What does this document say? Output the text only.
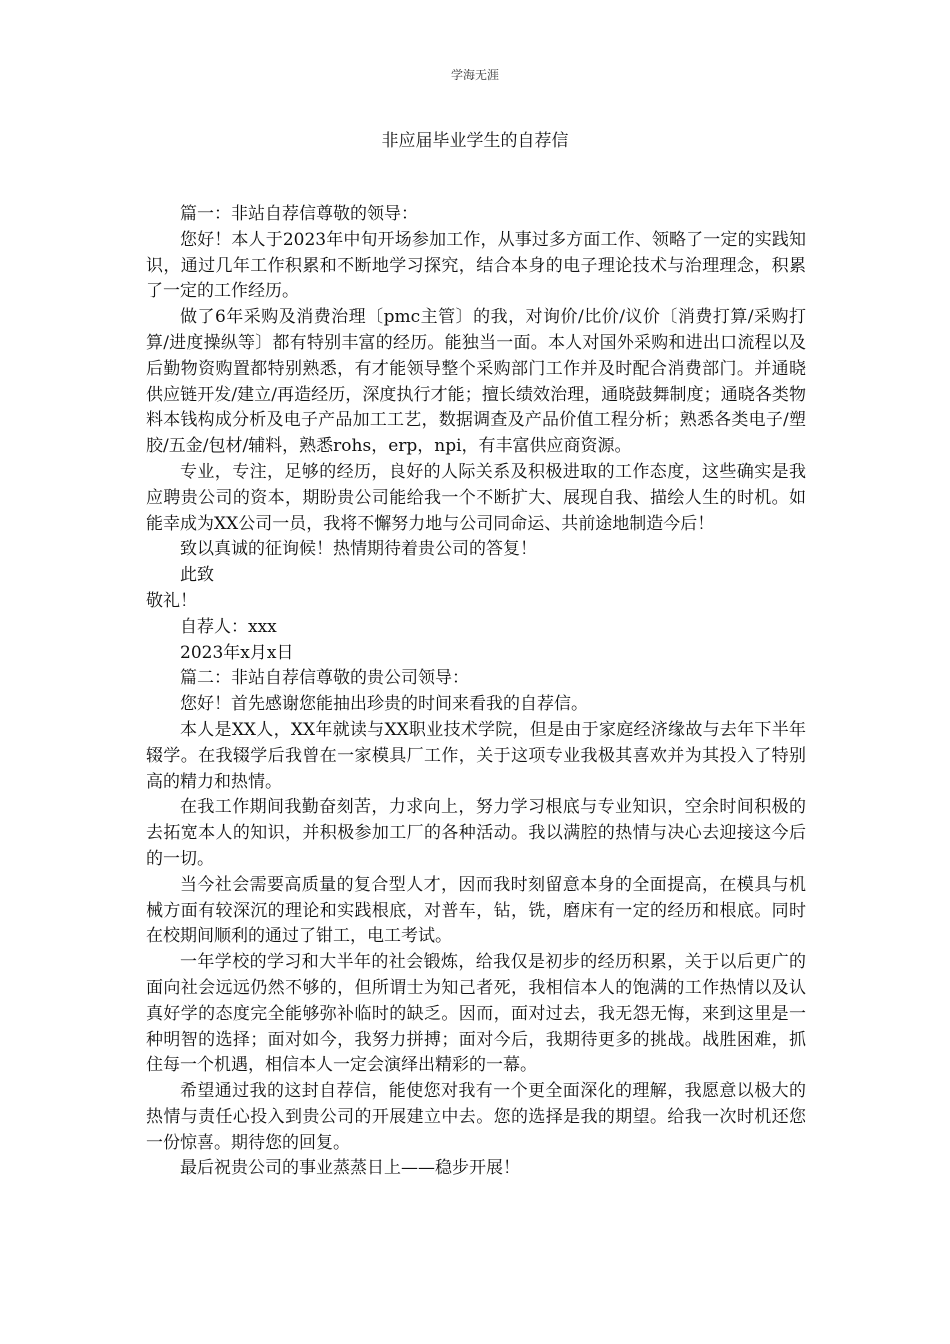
学海无涯
非应届毕业学生的自荐信

篇一：非站自荐信尊敬的领导：

您好！本人于2023年中旬开场参加工作，从事过多方面工作、领略了一定的实践知识，通过几年工作积累和不断地学习探究，结合本身的电子理论技术与治理理念，积累了一定的工作经历。

做了6年采购及消费治理〔pmc主管〕的我，对询价/比价/议价〔消费打算/采购打算/进度操纵等〕都有特别丰富的经历。能独当一面。本人对国外采购和进出口流程以及后勤物资购置都特别熟悉，有才能领导整个采购部门工作并及时配合消费部门。并通晓供应链开发/建立/再造经历，深度执行才能；擅长绩效治理，通晓鼓舞制度；通晓各类物料本钱构成分析及电子产品加工工艺，数据调查及产品价值工程分析；熟悉各类电子/塑胶/五金/包材/辅料，熟悉rohs，erp，npi，有丰富供应商资源。

专业，专注，足够的经历，良好的人际关系及积极进取的工作态度，这些确实是我应聘贵公司的资本，期盼贵公司能给我一个不断扩大、展现自我、描绘人生的时机。如能幸成为XX公司一员，我将不懈努力地与公司同命运、共前途地制造今后！

致以真诚的征询候！热情期待着贵公司的答复！

此致

敬礼！

自荐人：xxx

2023年x月x日

篇二：非站自荐信尊敬的贵公司领导：

您好！首先感谢您能抽出珍贵的时间来看我的自荐信。

本人是XX人，XX年就读与XX职业技术学院，但是由于家庭经济缘故与去年下半年辍学。在我辍学后我曾在一家模具厂工作，关于这项专业我极其喜欢并为其投入了特别高的精力和热情。

在我工作期间我勤奋刻苦，力求向上，努力学习根底与专业知识，空余时间积极的去拓宽本人的知识，并积极参加工厂的各种活动。我以满腔的热情与决心去迎接这今后的一切。

当今社会需要高质量的复合型人才，因而我时刻留意本身的全面提高，在模具与机械方面有较深沉的理论和实践根底，对普车，钻，铣，磨床有一定的经历和根底。同时在校期间顺利的通过了钳工，电工考试。

一年学校的学习和大半年的社会锻炼，给我仅是初步的经历积累，关于以后更广的面向社会远远仍然不够的，但所谓士为知己者死，我相信本人的饱满的工作热情以及认真好学的态度完全能够弥补临时的缺乏。因而，面对过去，我无怨无悔，来到这里是一种明智的选择；面对如今，我努力拼搏；面对今后，我期待更多的挑战。战胜困难，抓住每一个机遇，相信本人一定会演绎出精彩的一幕。

希望通过我的这封自荐信，能使您对我有一个更全面深化的理解，我愿意以极大的热情与责任心投入到贵公司的开展建立中去。您的选择是我的期望。给我一次时机还您一份惊喜。期待您的回复。

最后祝贵公司的事业蒸蒸日上——稳步开展！
